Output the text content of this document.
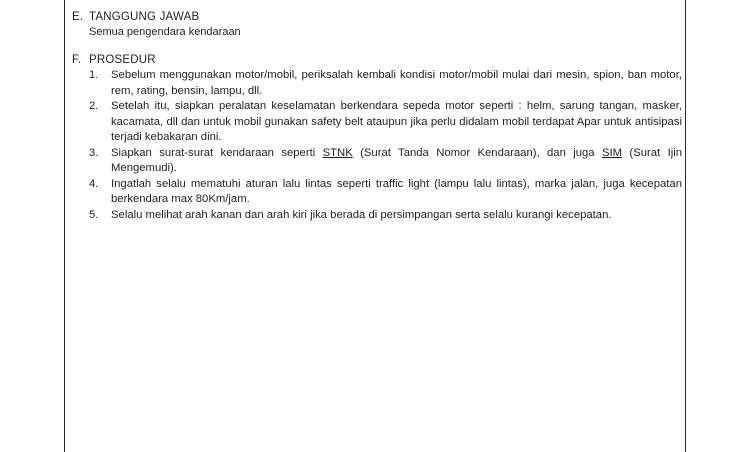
E. TANGGUNG JAWAB
Semua pengendara kendaraan
F. PROSEDUR
1.	Sebelum menggunakan motor/mobil, periksalah kembali kondisi motor/mobil mulai dari mesin, spion, ban motor, rem, rating, bensin, lampu, dll.
2.	Setelah itu, siapkan peralatan keselamatan berkendara sepeda motor seperti : helm, sarung tangan, masker, kacamata, dll dan untuk mobil gunakan safety belt ataupun jika perlu didalam mobil terdapat Apar untuk antisipasi terjadi kebakaran dini.
3.	Siapkan surat-surat kendaraan seperti STNK (Surat Tanda Nomor Kendaraan), dan juga SIM (Surat Ijin Mengemudi).
4.	Ingatlah selalu mematuhi aturan lalu lintas seperti traffic light (lampu lalu lintas), marka jalan, juga kecepatan berkendara max 80Km/jam.
5.	Selalu melihat arah kanan dan arah kiri jika berada di persimpangan serta selalu kurangi kecepatan.
